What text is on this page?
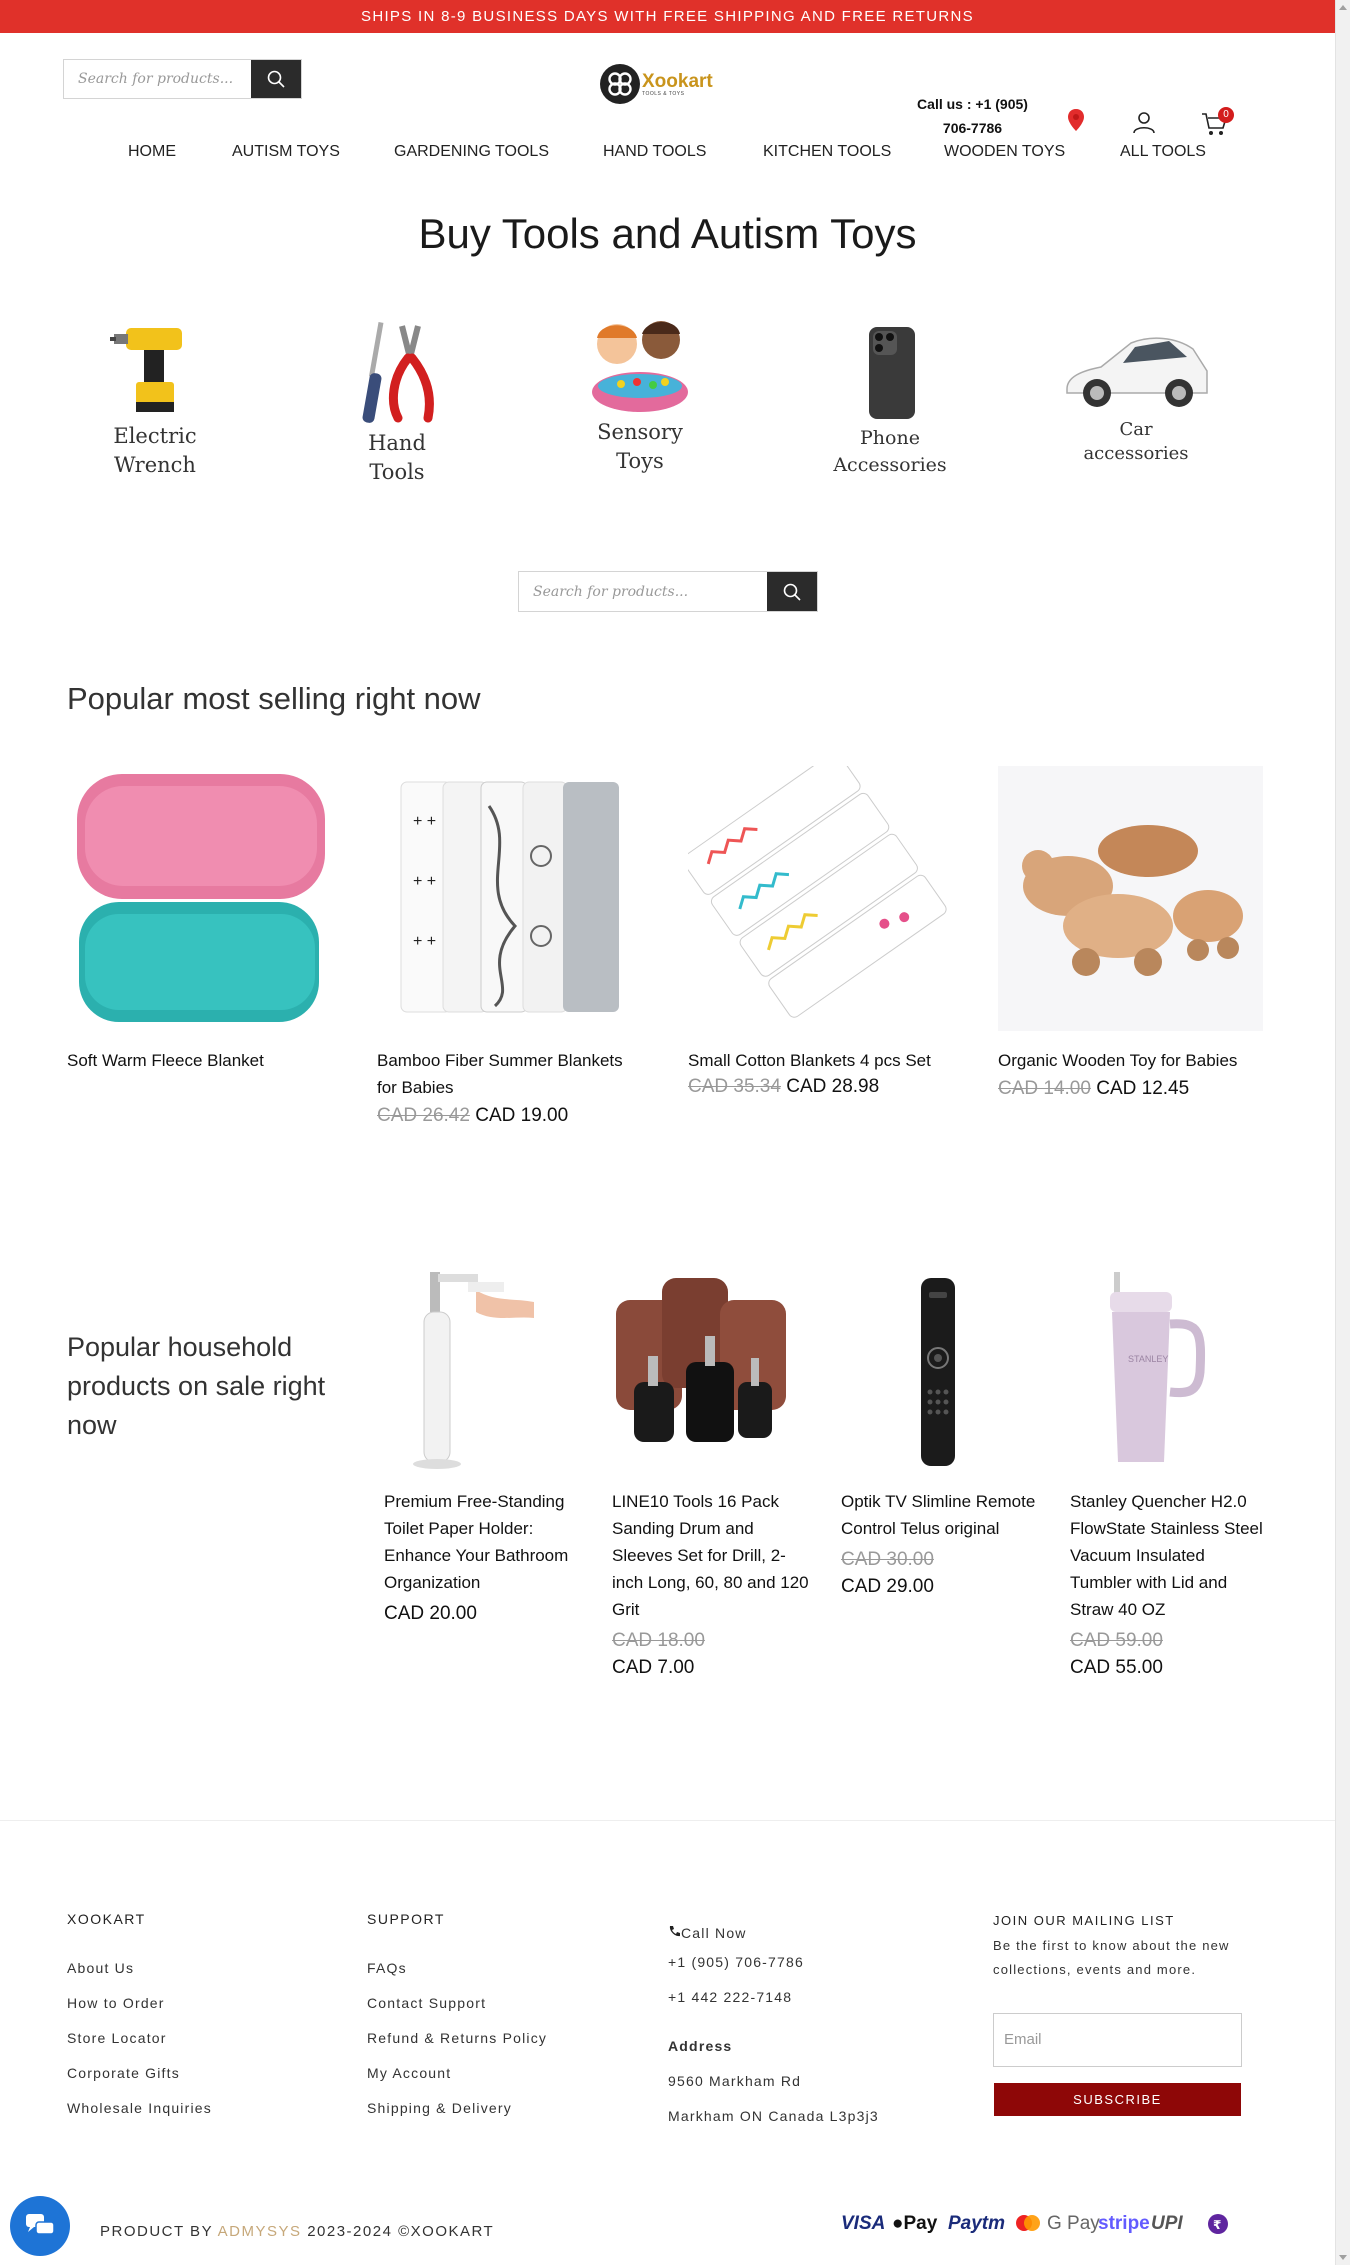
SHIPS IN 8-9 BUSINESS DAYS WITH FREE SHIPPING AND FREE RETURNS
Search for products...
Xookart
TOOLS & TOYS
Call us : +1 (905)
706-7786
0
HOME	AUTISM TOYS	GARDENING TOOLS	HAND TOOLS	KITCHEN TOOLS	WOODEN TOYS	ALL TOOLS
Buy Tools and Autism Toys
Electric
Wrench
Hand
Tools
Sensory
Toys
Phone
Accessories
Car
accessories
Search for products...
Popular most selling right now
Soft Warm Fleece Blanket
+ +
+ +
+ +
Bamboo Fiber Summer Blankets for Babies
CAD 26.42 CAD 19.00
Small Cotton Blankets 4 pcs Set
CAD 35.34 CAD 28.98
Organic Wooden Toy for Babies
CAD 14.00 CAD 12.45
Popular household products on sale right now
Premium Free-Standing Toilet Paper Holder: Enhance Your Bathroom Organization
CAD 20.00
LINE10 Tools 16 Pack Sanding Drum and Sleeves Set for Drill, 2-inch Long, 60, 80 and 120 Grit
CAD 18.00
CAD 7.00
Optik TV Slimline Remote Control Telus original
CAD 30.00
CAD 29.00
STANLEY
Stanley Quencher H2.0 FlowState Stainless Steel Vacuum Insulated Tumbler with Lid and Straw 40 OZ
CAD 59.00
CAD 55.00
XOOKART
About Us
How to Order
Store Locator
Corporate Gifts
Wholesale Inquiries
SUPPORT
FAQs
Contact Support
Refund & Returns Policy
My Account
Shipping & Delivery
Call Now
+1 (905) 706-7786
+1 442 222-7148
Address
9560 Markham Rd
Markham ON Canada L3p3j3
JOIN OUR MAILING LIST
Be the first to know about the new
collections, events and more.
Email
SUBSCRIBE
PRODUCT BY ADMYSYS 2023-2024 ©XOOKART	VISA ●Pay Paytm G Pay
stripe UPI	₹
